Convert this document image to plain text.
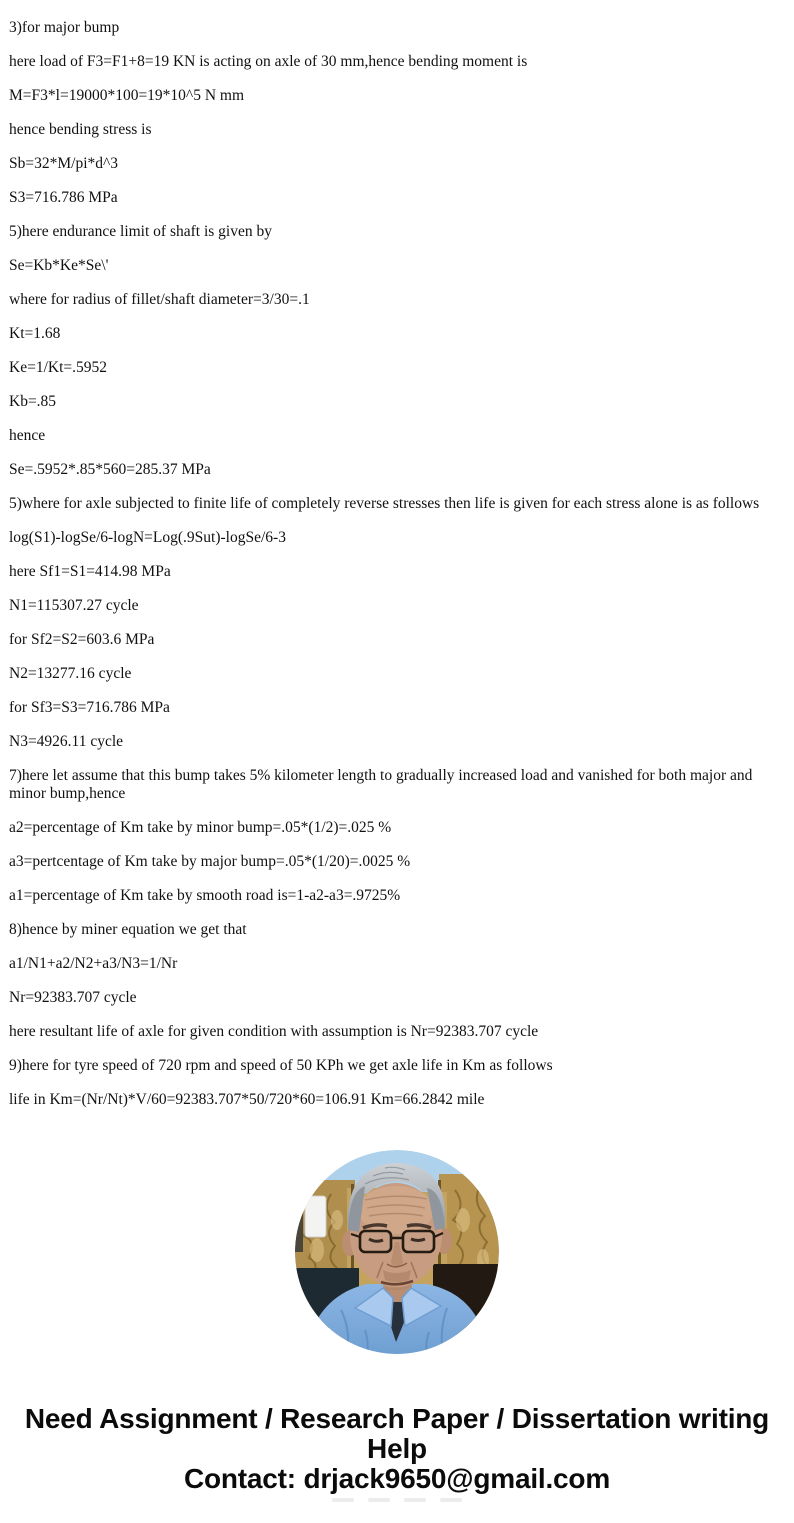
3)for major bump

here load of F3=F1+8=19 KN is acting on axle of 30 mm,hence bending moment is

M=F3*l=19000*100=19*10^5 N mm

hence bending stress is

Sb=32*M/pi*d^3

S3=716.786 MPa

5)here endurance limit of shaft is given by

Se=Kb*Ke*Se\'

where for radius of fillet/shaft diameter=3/30=.1

Kt=1.68

Ke=1/Kt=.5952

Kb=.85

hence

Se=.5952*.85*560=285.37 MPa

5)where for axle subjected to finite life of completely reverse stresses then life is given for each stress alone is as follows

log(S1)-logSe/6-logN=Log(.9Sut)-logSe/6-3

here Sf1=S1=414.98 MPa

N1=115307.27 cycle

for Sf2=S2=603.6 MPa

N2=13277.16 cycle

for Sf3=S3=716.786 MPa

N3=4926.11 cycle

7)here let assume that this bump takes 5% kilometer length to gradually increased load and vanished for both major and minor bump,hence

a2=percentage of Km take by minor bump=.05*(1/2)=.025 %

a3=pertcentage of Km take by major bump=.05*(1/20)=.0025 %

a1=percentage of Km take by smooth road is=1-a2-a3=.9725%

8)hence by miner equation we get that

a1/N1+a2/N2+a3/N3=1/Nr

Nr=92383.707 cycle

here resultant life of axle for given condition with assumption is Nr=92383.707 cycle

9)here for tyre speed of 720 rpm and speed of 50 KPh we get axle life in Km as follows

life in Km=(Nr/Nt)*V/60=92383.707*50/720*60=106.91 Km=66.2842 mile

Need Assignment / Research Paper / Dissertation writing Help

Contact: drjack9650@gmail.com
